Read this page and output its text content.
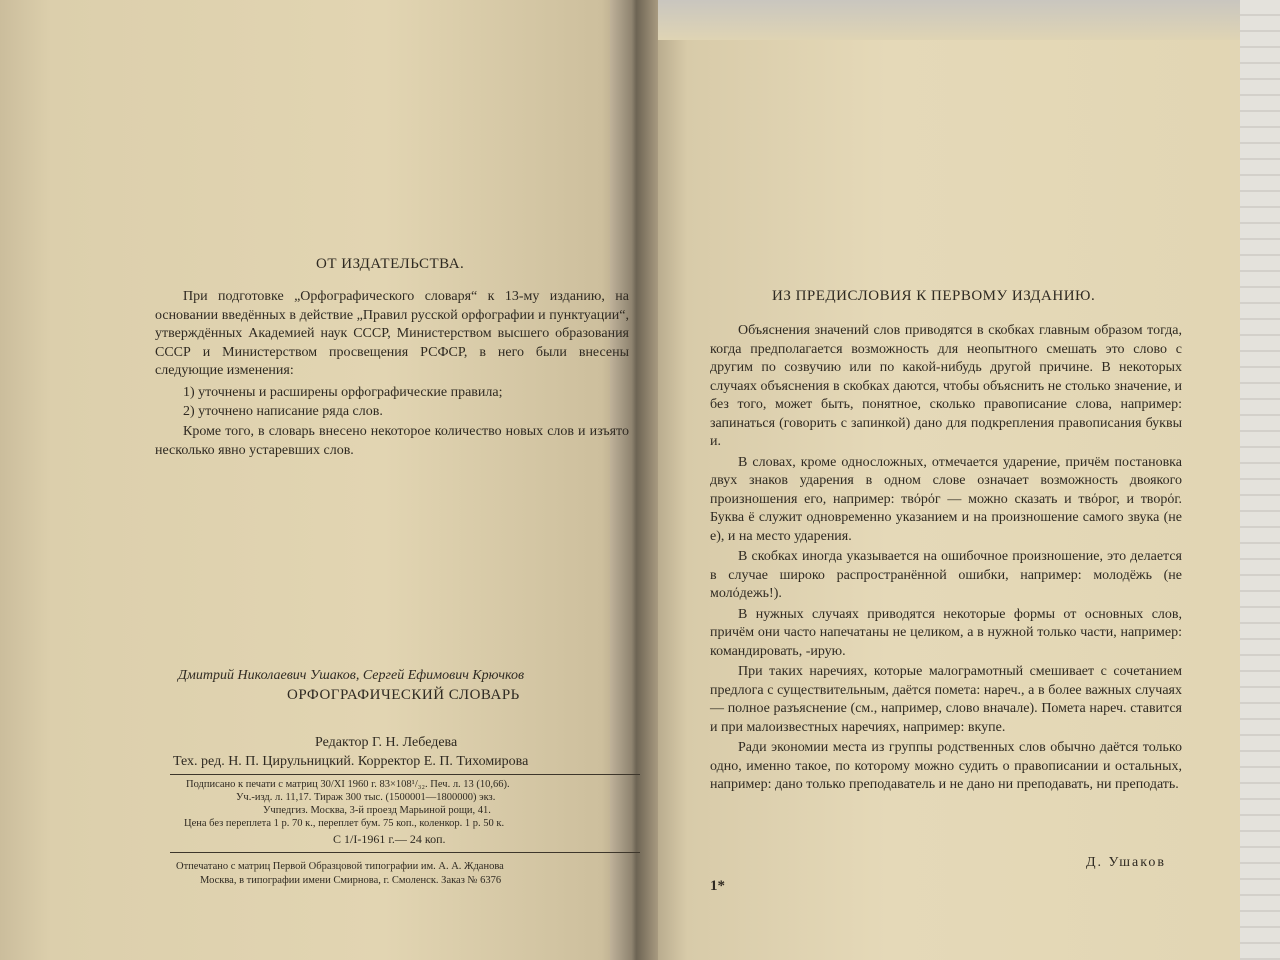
ОТ ИЗДАТЕЛЬСТВА.

При подготовке „Орфографического словаря“ к 13-му изданию, на основании введённых в действие „Правил русской орфографии и пунктуации“, утверждённых Академией наук СССР, Министерством высшего образования СССР и Министерством просвещения РСФСР, в него были внесены следующие изменения:

1) уточнены и расширены орфографические правила;
2) уточнено написание ряда слов.

Кроме того, в словарь внесено некоторое количество новых слов и изъято несколько явно устаревших слов.

Дмитрий Николаевич Ушаков, Сергей Ефимович Крючков
ОРФОГРАФИЧЕСКИЙ СЛОВАРЬ
Редактор Г. Н. Лебедева
Тех. ред. Н. П. Цирульницкий. Корректор Е. П. Тихомирова
Подписано к печати с матриц 30/XI 1960 г. 83×108¹/₃₂. Печ. л. 13 (10,66).
Уч.-изд. л. 11,17. Тираж 300 тыс. (1500001—1800000) экз.
Учпедгиз. Москва, 3-й проезд Марьиной рощи, 41.
Цена без переплета 1 р. 70 к., переплет бум. 75 коп., коленкор. 1 р. 50 к.
С 1/I-1961 г.— 24 коп.
Отпечатано с матриц Первой Образцовой типографии им. А. А. Жданова
Москва, в типографии имени Смирнова, г. Смоленск. Заказ № 6376
ИЗ ПРЕДИСЛОВИЯ К ПЕРВОМУ ИЗДАНИЮ.

Объяснения значений слов приводятся в скобках главным образом тогда, когда предполагается возможность для неопытного смешать это слово с другим по созвучию или по какой-нибудь другой причине. В некоторых случаях объяснения в скобках даются, чтобы объяснить не столько значение, и без того, может быть, понятное, сколько правописание слова, например: запинаться (говорить с запинкой) дано для подкрепления правописания буквы и.

В словах, кроме односложных, отмечается ударение, причём постановка двух знаков ударения в одном слове означает возможность двоякого произношения его, например: твόрόг — можно сказать и твόрог, и творόг. Буква ё служит одновременно указанием и на произношение самого звука (не е), и на место ударения.

В скобках иногда указывается на ошибочное произношение, это делается в случае широко распространённой ошибки, например: молодёжь (не молόдежь!).

В нужных случаях приводятся некоторые формы от основных слов, причём они часто напечатаны не целиком, а в нужной только части, например: командировать, -ирую.

При таких наречиях, которые малограмотный смешивает с сочетанием предлога с существительным, даётся помета: нареч., а в более важных случаях — полное разъяснение (см., например, слово вначале). Помета нареч. ставится и при малоизвестных наречиях, например: вкупе.

Ради экономии места из группы родственных слов обычно даётся только одно, именно такое, по которому можно судить о правописании и остальных, например: дано только преподаватель и не дано ни преподавать, ни преподать.

Д. Ушаков
1*
